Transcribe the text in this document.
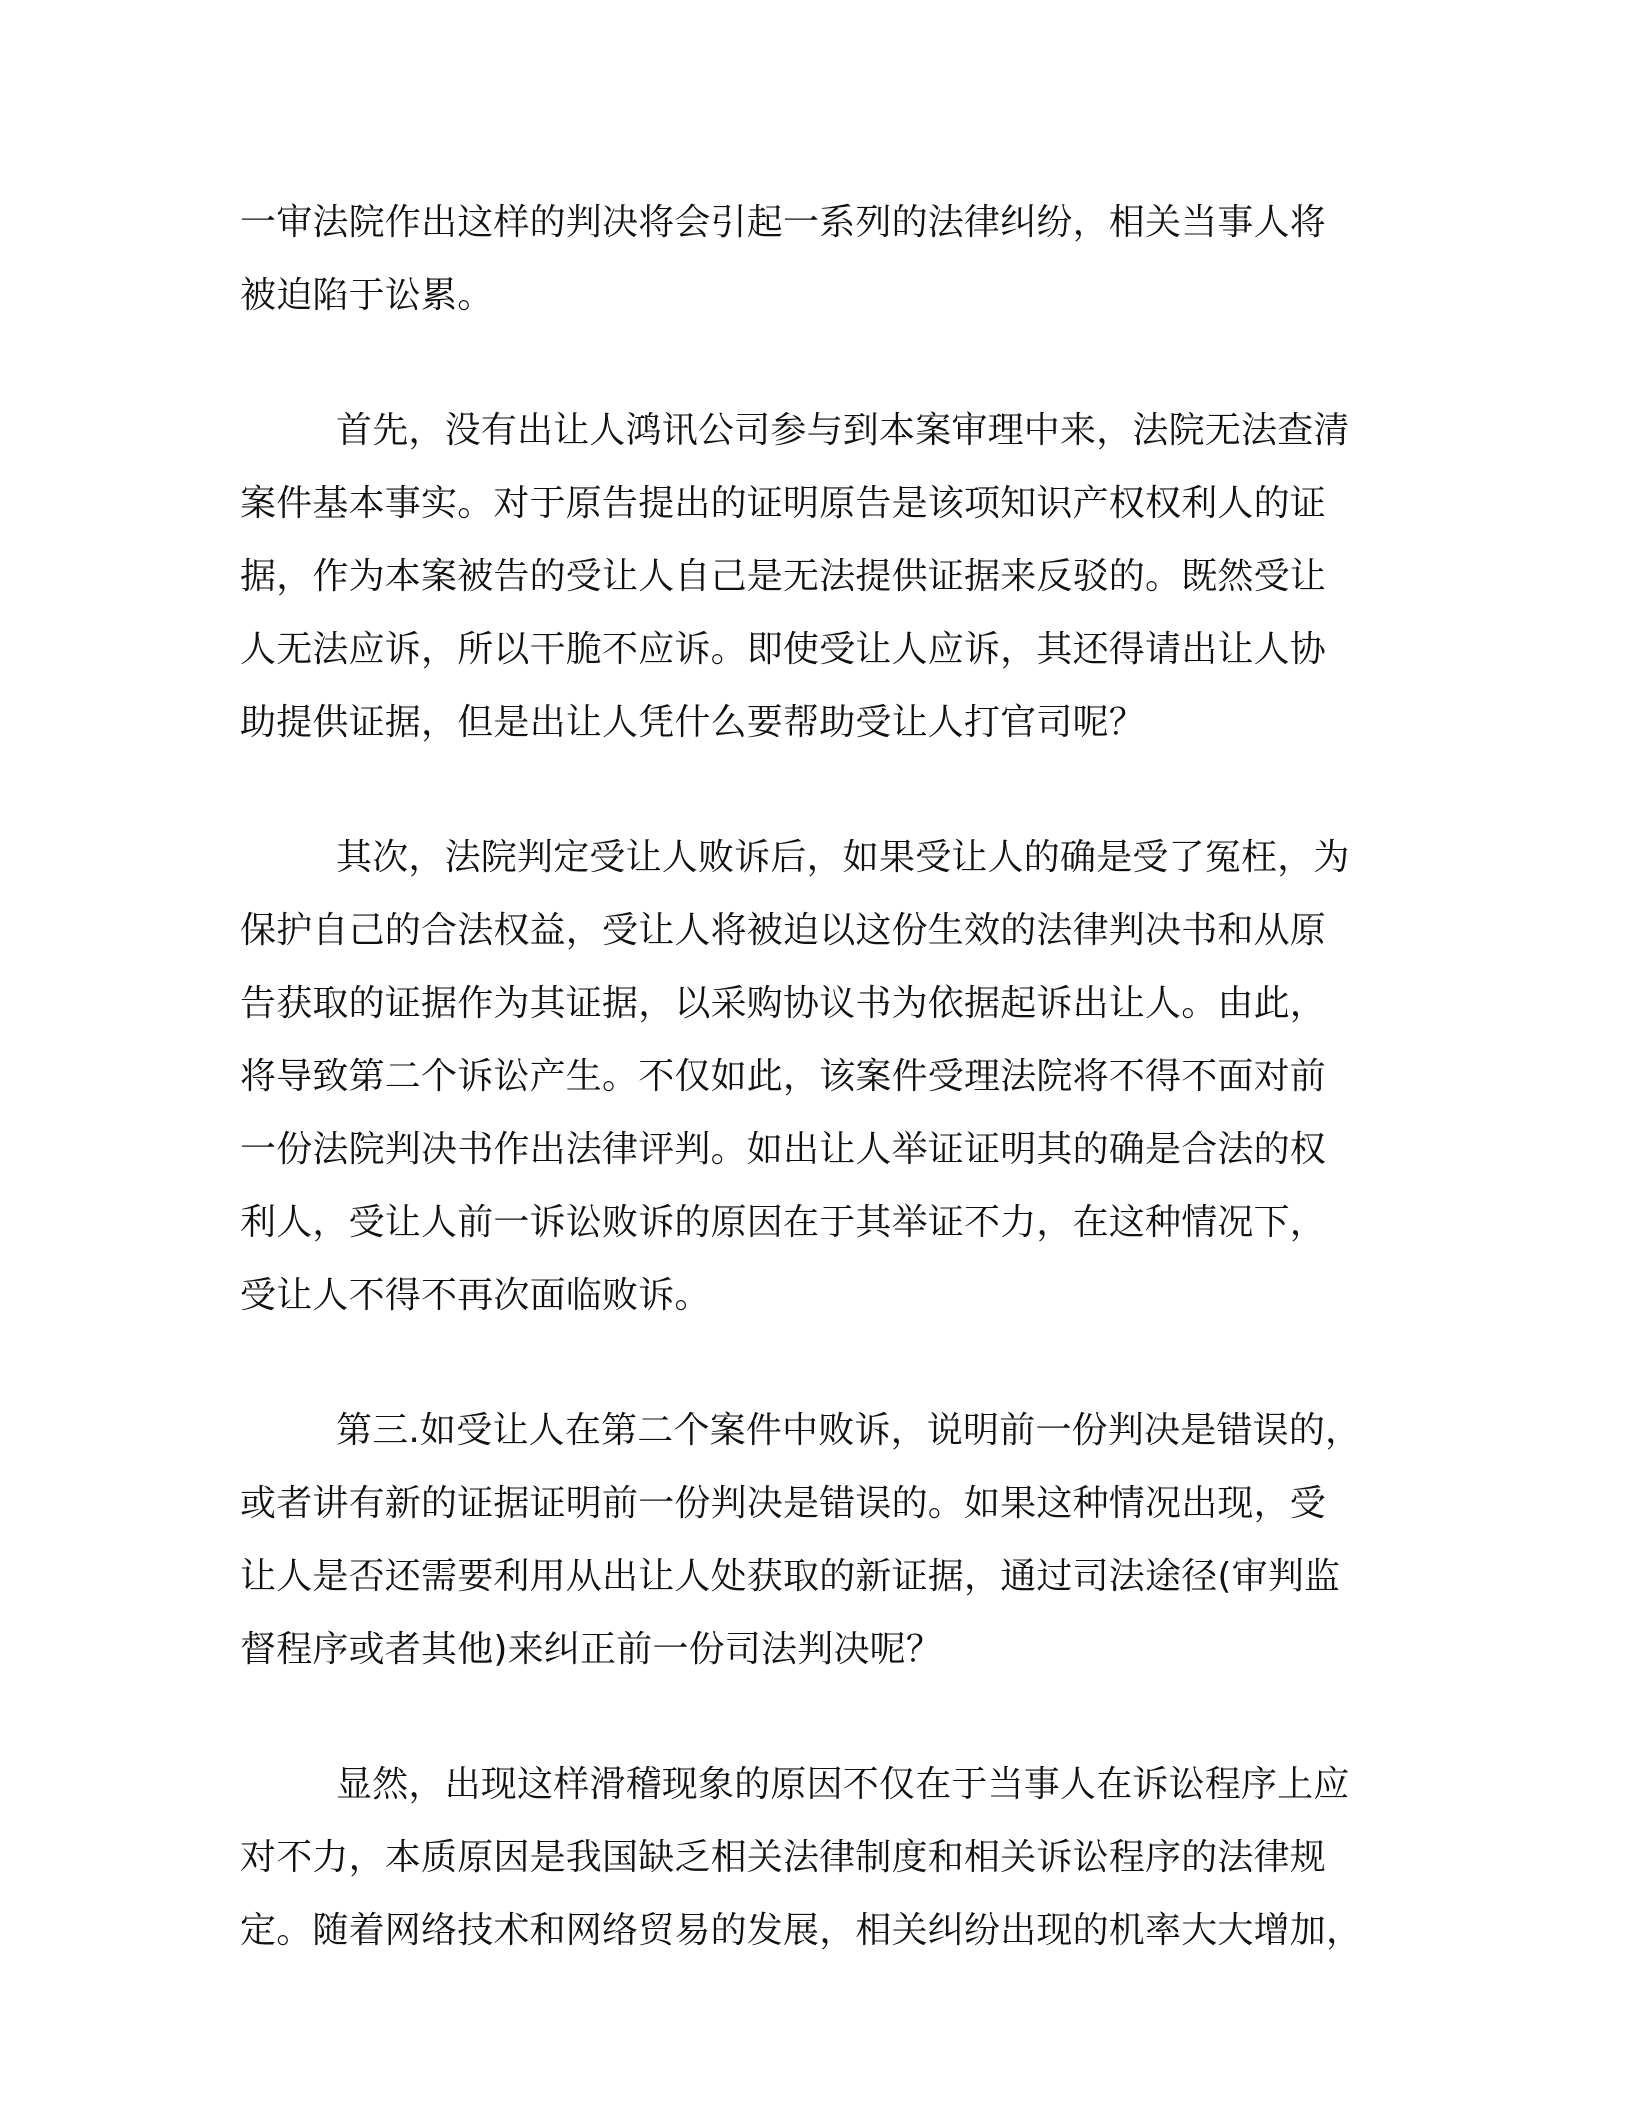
一审法院作出这样的判决将会引起一系列的法律纠纷，相关当事人将
被迫陷于讼累。

首先，没有出让人鸿讯公司参与到本案审理中来，法院无法查清
案件基本事实。对于原告提出的证明原告是该项知识产权权利人的证
据，作为本案被告的受让人自己是无法提供证据来反驳的。既然受让
人无法应诉，所以干脆不应诉。即使受让人应诉，其还得请出让人协
助提供证据，但是出让人凭什么要帮助受让人打官司呢？

其次，法院判定受让人败诉后，如果受让人的确是受了冤枉，为
保护自己的合法权益，受让人将被迫以这份生效的法律判决书和从原
告获取的证据作为其证据，以采购协议书为依据起诉出让人。由此，
将导致第二个诉讼产生。不仅如此，该案件受理法院将不得不面对前
一份法院判决书作出法律评判。如出让人举证证明其的确是合法的权
利人，受让人前一诉讼败诉的原因在于其举证不力，在这种情况下，
受让人不得不再次面临败诉。

第三.如受让人在第二个案件中败诉，说明前一份判决是错误的，
或者讲有新的证据证明前一份判决是错误的。如果这种情况出现，受
让人是否还需要利用从出让人处获取的新证据，通过司法途径(审判监
督程序或者其他)来纠正前一份司法判决呢？

显然，出现这样滑稽现象的原因不仅在于当事人在诉讼程序上应
对不力，本质原因是我国缺乏相关法律制度和相关诉讼程序的法律规
定。随着网络技术和网络贸易的发展，相关纠纷出现的机率大大增加，
